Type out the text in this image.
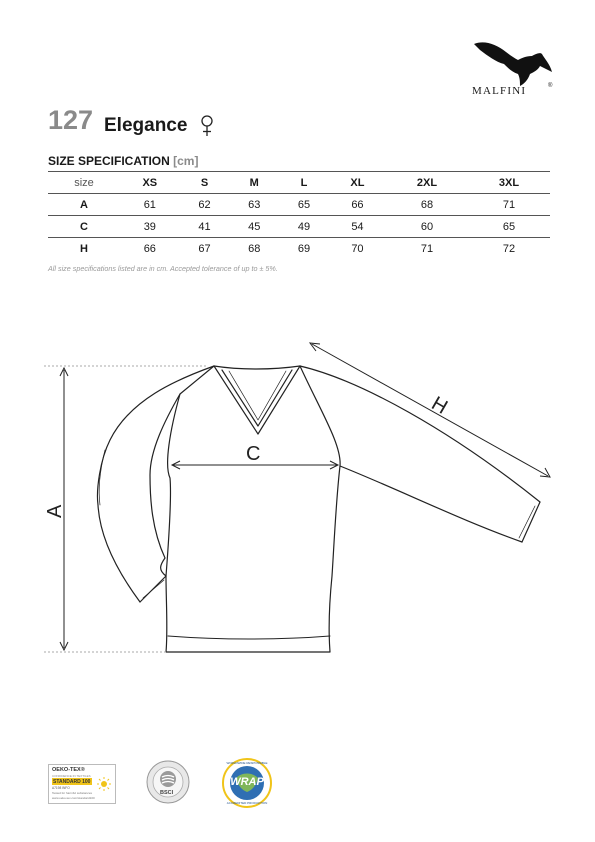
MALFINI	®
127 Elegance
SIZE SPECIFICATION [cm]
size	XS	S	M	L	XL	2XL	3XL
A	61	62	63	65	66	68	71
C	39	41	45	49	54	60	65
H	66	67	68	69	70	71	72
All size specifications listed are in cm. Accepted tolerance of up to ± 5%.
A
C
H
OEKO-TEX®
CONFIDENCE IN TEXTILES
STANDARD 100
A7198 INFO
Tested for harmful substances
www.oeko-tex.com/standard100
BSCI
WORLDWIDE RESPONSIBLE
WRAP
ACCREDITED PRODUCTION
